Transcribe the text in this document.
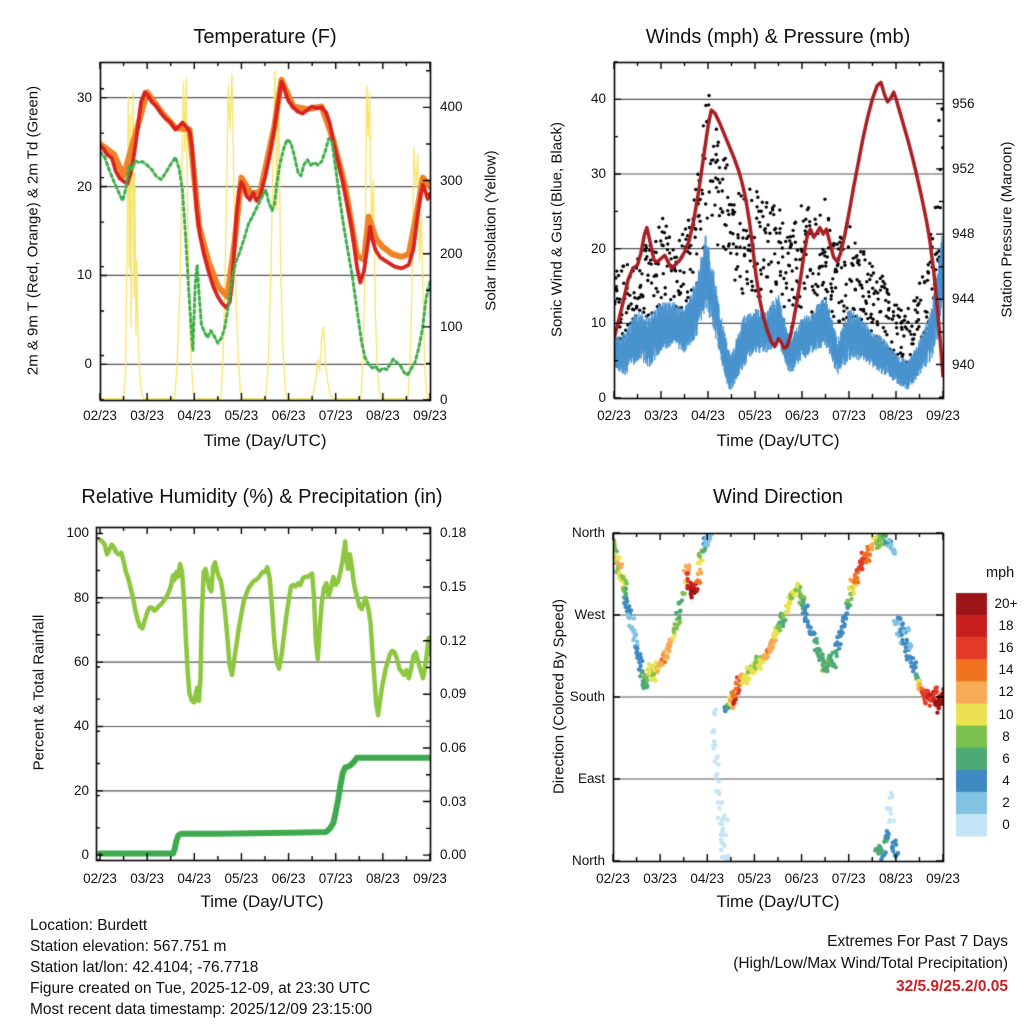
Temperature (F)	Winds (mph) & Pressure (mb)
Relative Humidity (%) & Precipitation (in)	Wind Direction
Time (Day/UTC)	Time (Day/UTC)
Time (Day/UTC)	Time (Day/UTC)
2m & 9m T (Red, Orange) & 2m Td (Green)	Solar Insolation (Yellow)	Sonic Wind & Gust (Blue, Black)	Station Pressure (Maroon)
Percent & Total Rainfall	Direction (Colored By Speed)
mph
Location: Burdett
Station elevation: 567.751 m
Station lat/lon: 42.4104; -76.7718
Figure created on Tue, 2025-12-09, at 23:30 UTC
Most recent data timestamp: 2025/12/09 23:15:00
Extremes For Past 7 Days
(High/Low/Max Wind/Total Precipitation)
32/5.9/25.2/0.05
02/23 03/23 04/23 05/23 06/23 07/23 08/23 09/23
0
10
20
30
0
100
200
300
400
02/23 03/23 04/23 05/23 06/23 07/23 08/23 09/23
0
10
20
30
40
940
944
948
952
956
02/23 03/23 04/23 05/23 06/23 07/23 08/23 09/23
0
20
40
60
80
100
0.00
0.03
0.06
0.09
0.12
0.15
0.18
02/23 03/23 04/23 05/23 06/23 07/23 08/23 09/23
North
West
South
East
North
20+
18
16
14
12
10
8
6
4
2
0
